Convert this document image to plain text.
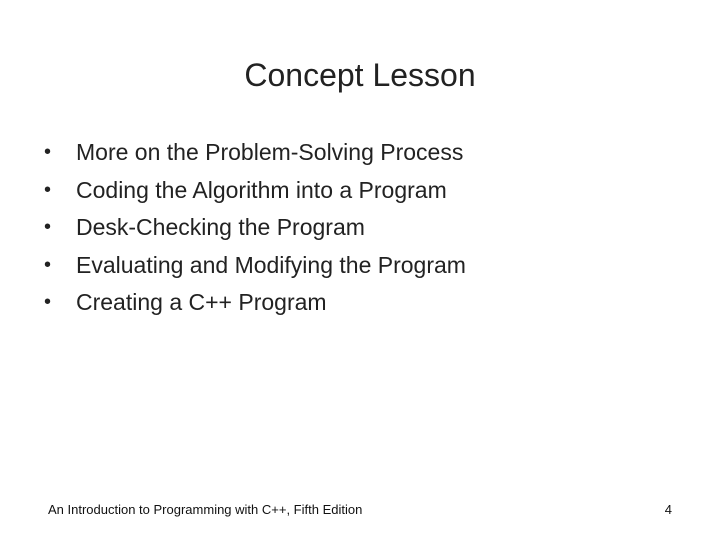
Concept Lesson
•	More on the Problem-Solving Process
•	Coding the Algorithm into a Program
•	Desk-Checking the Program
•	Evaluating and Modifying the Program
•	Creating a C++ Program
An Introduction to Programming with C++, Fifth Edition	4
